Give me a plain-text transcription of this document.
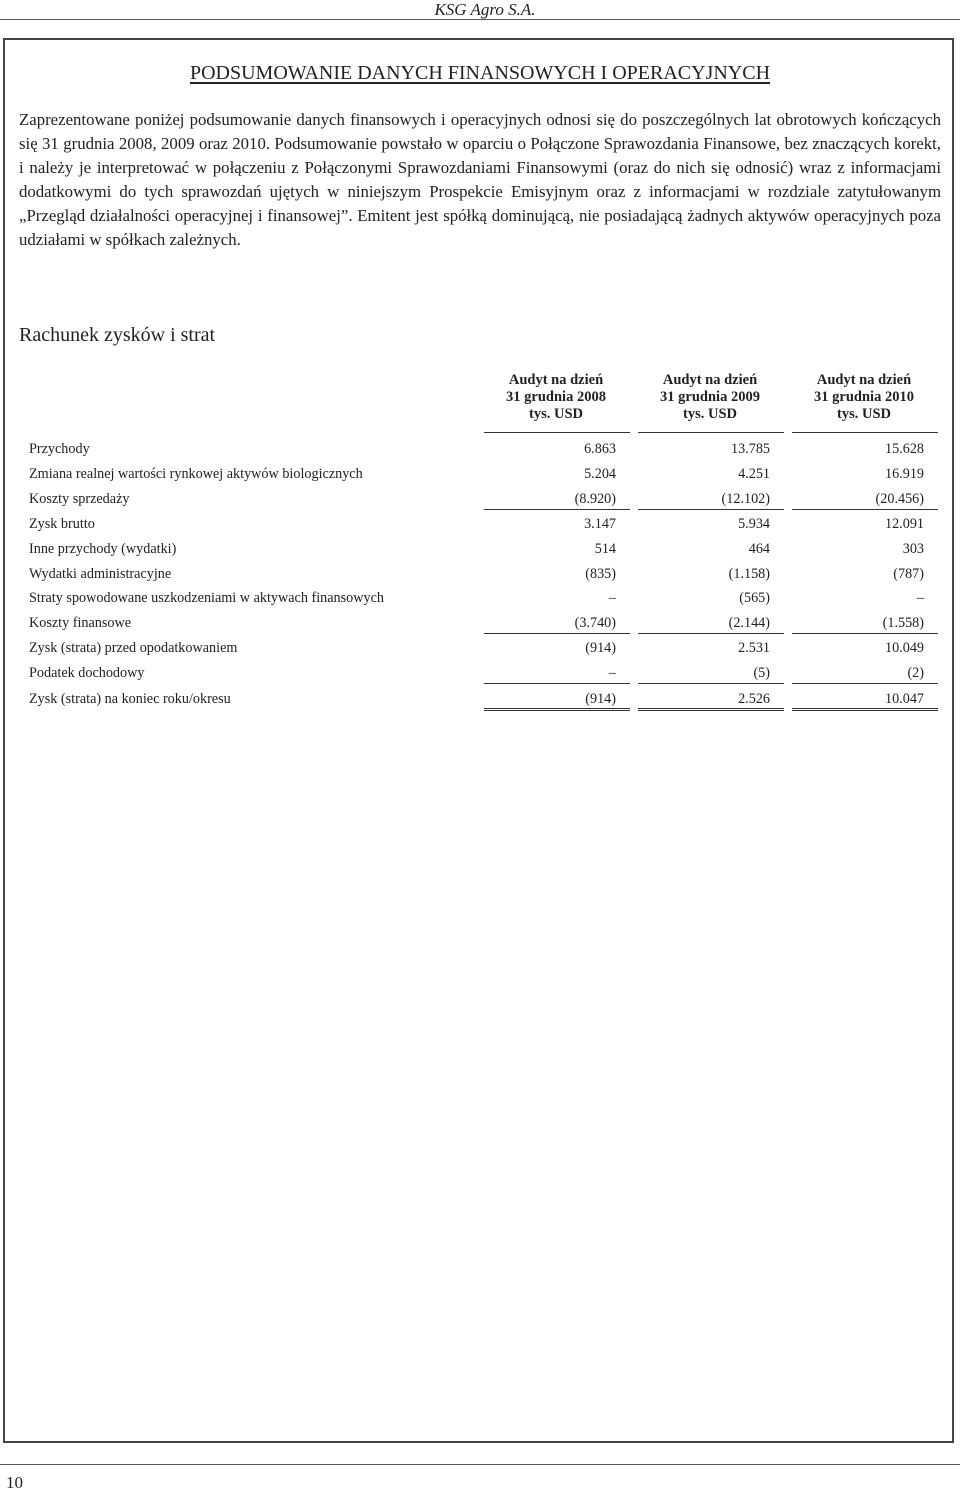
KSG Agro S.A.
PODSUMOWANIE DANYCH FINANSOWYCH I OPERACYJNYCH

Zaprezentowane poniżej podsumowanie danych finansowych i operacyjnych odnosi się do poszczególnych lat obrotowych kończących się 31 grudnia 2008, 2009 oraz 2010. Podsumowanie powstało w oparciu o Połączone Sprawozdania Finansowe, bez znaczących korekt, i należy je interpretować w połączeniu z Połączonymi Sprawozdaniami Finansowymi (oraz do nich się odnosić) wraz z informacjami dodatkowymi do tych sprawozdań ujętych w niniejszym Prospekcie Emisyjnym oraz z informacjami w rozdziale zatytułowanym „Przegląd działalności operacyjnej i finansowej”. Emitent jest spółką dominującą, nie posiadającą żadnych aktywów operacyjnych poza udziałami w spółkach zależnych.

Rachunek zysków i strat
Audyt na dzień
31 grudnia 2008
tys. USD
Audyt na dzień
31 grudnia 2009
tys. USD
Audyt na dzień
31 grudnia 2010
tys. USD
Przychody	6.863	13.785	15.628
Zmiana realnej wartości rynkowej aktywów biologicznych	5.204	4.251	16.919
Koszty sprzedaży	(8.920)	(12.102)	(20.456)
Zysk brutto	3.147	5.934	12.091
Inne przychody (wydatki)	514	464	303
Wydatki administracyjne	(835)	(1.158)	(787)
Straty spowodowane uszkodzeniami w aktywach finansowych	–	(565)	–
Koszty finansowe	(3.740)	(2.144)	(1.558)
Zysk (strata) przed opodatkowaniem	(914)	2.531	10.049
Podatek dochodowy	–	(5)	(2)
Zysk (strata) na koniec roku/okresu	(914)	2.526	10.047
10
